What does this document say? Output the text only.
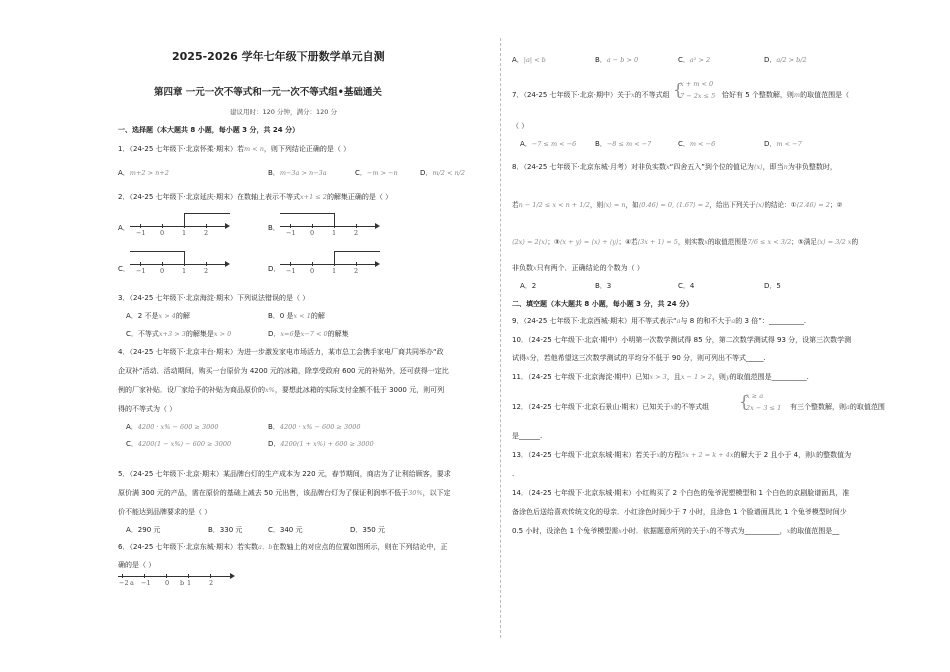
2025-2026 学年七年级下册数学单元自测
第四章 一元一次不等式和一元一次不等式组•基础通关
建议用时：120 分钟，满分：120 分
一、选择题（本大题共 8 小题，每小题 3 分，共 24 分）
1．（24-25 七年级下·北京怀柔·期末）若m < n，则下列结论正确的是（ ）
A．m+2 > n+2	B．m−3a > n−3a	C．−m > −n
2．（24-25 七年级下·北京延庆·期末）在数轴上表示不等式x+1 ≤ 2的解集正确的是（ ）
A．
−1 0	1	2
B．
−1 0	1	2
C． −1 0	1	2	D． −1 0	1	2
3．（24-25 七年级下·北京海淀·期末）下列说法错误的是（ ）
A．2 不是x > 4的解	B．0 是x < 1的解
C．不等式x+3 > 3的解集是x > 0	D．x=6是x−7 < 0的解集
4．（24-25 七年级下·北京丰台·期末）为进一步激发家电市场活力，某市总工会携手家电厂商共同举办“政
企双补”活动．活动期间，购买一台原价为 4200 元的冰箱，除享受政府 600 元的补贴外，还可获得一定比
例的厂家补贴．设厂家给予的补贴为商品原价的x%，要想此冰箱的实际支付金额不低于 3000 元，则可列
得的不等式为（ ）
A．4200 · x% − 600 ≥ 3000	B．4200 · x% − 600 ≥ 3000
C．4200(1 − x%) − 600 ≥ 3000	D．4200(1 + x%) + 600 ≥ 3000
5．（24-25 七年级下·北京·期末）某品牌台灯的生产成本为 220 元，春节期间，商店为了让利给顾客，要求
原价满 300 元的产品，需在原价的基础上减去 50 元出售，该品牌台灯为了保证利润率不低于30%，以下定
价不能达到品牌要求的是（ ）
A．290 元	B．330 元	C．340 元	D．350 元
6．（24-25 七年级下·北京东城·期末）若实数a、b在数轴上的对应点的位置如图所示，则在下列结论中，正
确的是（ ）
−2 a −1 0 b 1	2
A．|a| < b	B．a − b > 0	C．a² > 2	D．a/2 > b/2
7．（24-25 七年级下·北京·期中）关于x的不等式组 {
x + m < 0
7 − 2x ≤ 5 恰好有 5 个整数解，则m的取值范围是（
（ ）
A．−7 ≤ m < −6	B．−8 ≤ m < −7	C．m < −6	D．m < −7
8．（24-25 七年级下·北京东城·月考）对非负实数x“四舍五入”到个位的值记为⟨x⟩，即当n为非负整数时，
若n − 1/2 ≤ x < n + 1/2，则⟨x⟩ = n，如⟨0.46⟩ = 0, ⟨1.67⟩ = 2，给出下列关于⟨x⟩的结论：①⟨2.46⟩ = 2；②
⟨2x⟩ = 2⟨x⟩；③⟨x + y⟩ = ⟨x⟩ + ⟨y⟩；④若⟨3x + 1⟩ = 5，则实数x的取值范围是7/6 ≤ x < 3/2；⑤满足⟨x⟩ = 3/2 x的
非负数x只有两个．正确结论的个数为（ ）
A．2	B．3	C．4	D．5
二、填空题（本大题共 8 小题，每小题 3 分，共 24 分）
9．（24-25 七年级下·北京西城·期末）用不等式表示“a与 8 的和不大于a的 3 倍”：__________.
10．（24-25 七年级下·北京·期中）小明第一次数学测试得 85 分，第二次数学测试得 93 分，设第三次数学测
试得x分，若他希望这三次数学测试的平均分不低于 90 分，则可列出不等式_____.
11．（24-25 七年级下·北京海淀·期中）已知x > 3，且x − 1 > 2，则y的取值范围是__________.
12．（24-25 七年级下·北京石景山·期末）已知关于x的不等式组 {
x ≥ a
2x − 3 ≤ 1 有三个整数解，则a的取值范围
是______.
13．（24-25 七年级下·北京东城·期末）若关于x的方程5x + 2 = k + 4x的解大于 2 且小于 4，则k的整数值为
.
14．（24-25 七年级下·北京东城·期末）小红购买了 2 个白色的兔爷泥塑模型和 1 个白色的京剧脸谱面具，准
备涂色后送给喜欢传统文化的母亲．小红涂色时间少于 7 小时，且涂色 1 个脸谱面具比 1 个兔爷模型时间少
0.5 小时，设涂色 1 个兔爷模型需x小时．依据题意所列的关于x的不等式为__________，x的取值范围是__
D．m/2 < n/2
